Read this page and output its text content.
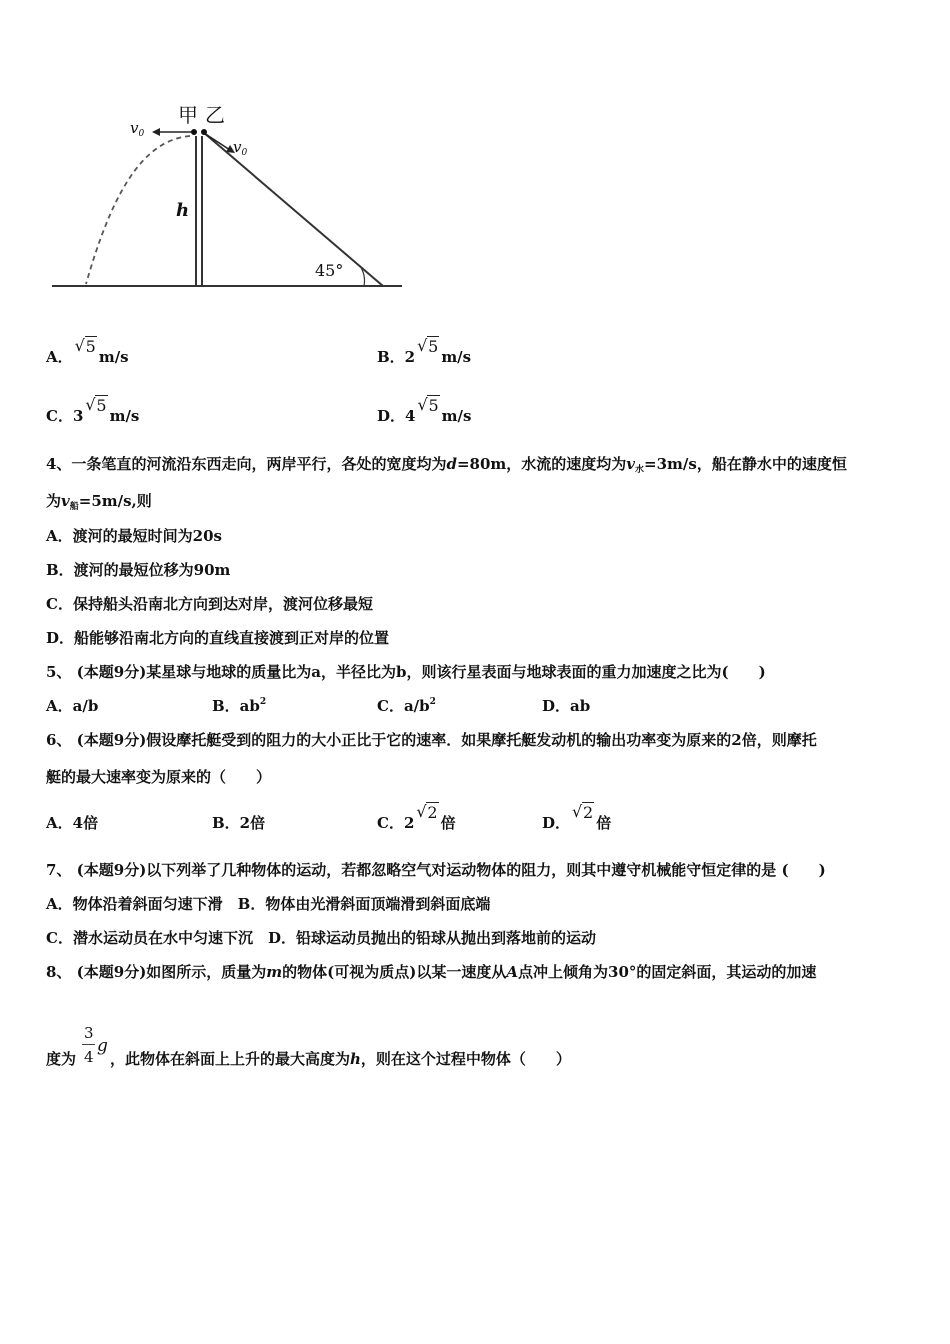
甲 乙
$v_0$
$v_0$
h
45°
A．√ 5m/s	B．2√ 5m/s
C．3√ 5m/s	D．4√ 5m/s
4、一条笔直的河流沿东西走向，两岸平行，各处的宽度均为d=80m，水流的速度均为$v_水=3m/s$，船在静水中的速度恒
为$v_船=5m/s$,则
A．渡河的最短时间为20s
B．渡河的最短位移为90m
C．保持船头沿南北方向到达对岸，渡河位移最短
D．船能够沿南北方向的直线直接渡到正对岸的位置
5、 (本题9分)某星球与地球的质量比为a，半径比为b，则该行星表面与地球表面的重力加速度之比为(　　)
A．a/b	B．$ab^2$	C．$a/b^2$	D．ab
6、 (本题9分)假设摩托艇受到的阻力的大小正比于它的速率．如果摩托艇发动机的输出功率变为原来的2倍，则摩托
艇的最大速率变为原来的（　　）
A．4倍	B．2倍	C．2√ 2倍	D．√ 2倍
7、 (本题9分)以下列举了几种物体的运动，若都忽略空气对运动物体的阻力，则其中遵守机械能守恒定律的是 (　　)
A．物体沿着斜面匀速下滑　B．物体由光滑斜面顶端滑到斜面底端
C．潜水运动员在水中匀速下沉　D．铅球运动员抛出的铅球从抛出到落地前的运动
8、 (本题9分)如图所示，质量为m的物体(可视为质点)以某一速度从A点冲上倾角为30°的固定斜面，其运动的加速
度为
3
4
g
，此物体在斜面上上升的最大高度为h，则在这个过程中物体（　　）
